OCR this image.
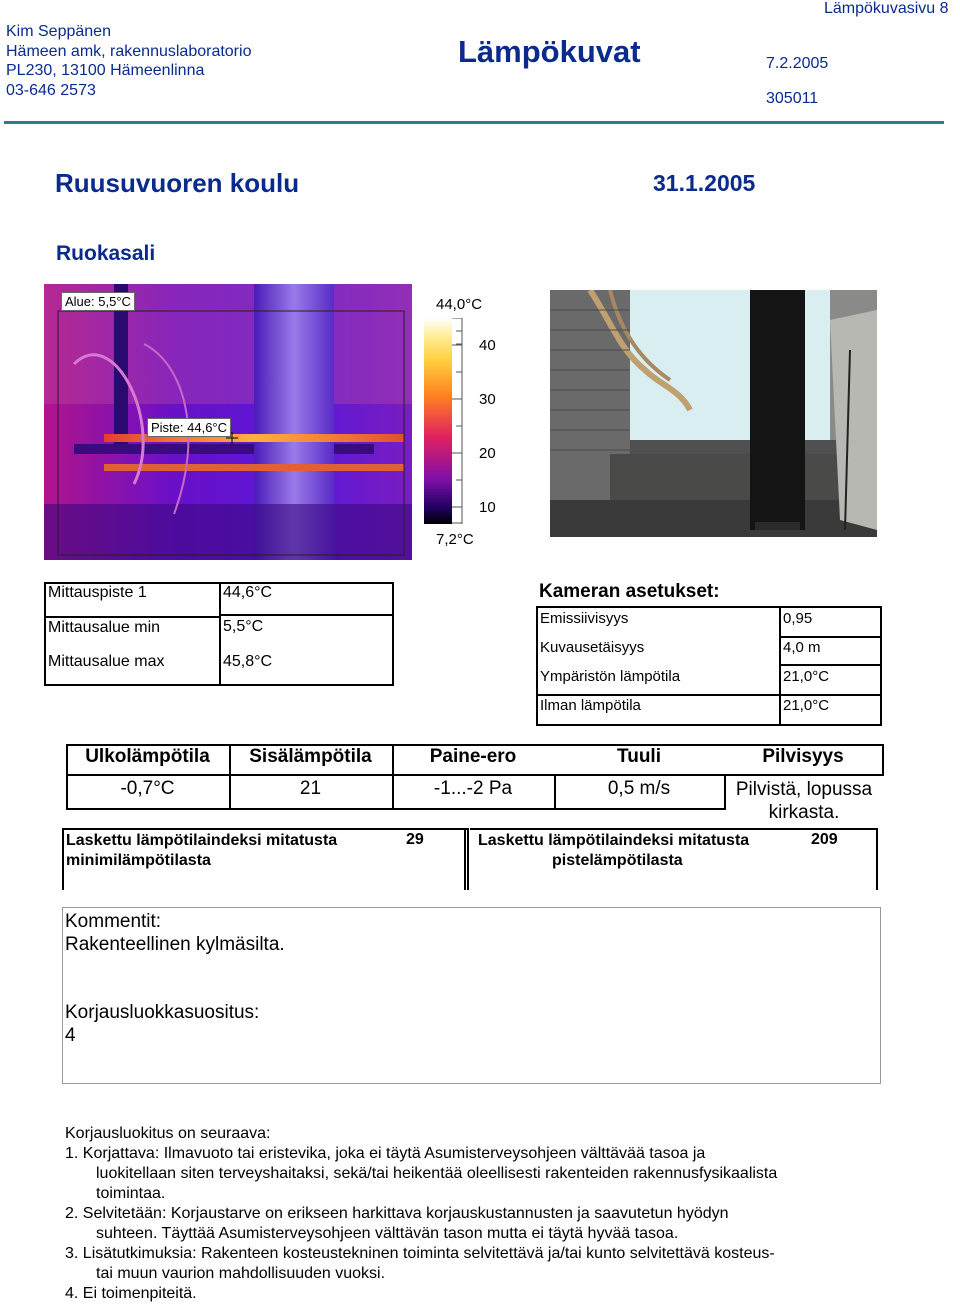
Kim Seppänen
Hämeen amk, rakennuslaboratorio
PL230, 13100 Hämeenlinna
03-646 2573
Lämpökuvat	7.2.2005
305011
Lämpökuvasivu 8
Ruusuvuoren koulu	31.1.2005
Ruokasali
Alue: 5,5°C
Piste: 44,6°C
44,0°C
7,2°C
40
30
20
10
Mittauspiste 1	44,6°C
Mittausalue min	5,5°C
Mittausalue max	45,8°C
Kameran asetukset:
Emissiivisyys	0,95
Kuvausetäisyys	4,0 m
Ympäristön lämpötila	21,0°C
Ilman lämpötila	21,0°C
Ulkolämpötila	Sisälämpötila	Paine-ero	Tuuli	Pilvisyys
-0,7°C	21	-1...-2 Pa	0,5 m/s	Pilvistä, lopussa kirkasta.
Laskettu lämpötilaindeksi mitatusta
minimilämpötilasta
29	Laskettu lämpötilaindeksi mitatusta
pistelämpötilasta
209
Kommentit:
Rakenteellinen kylmäsilta.
Korjausluokkasuositus:
4
Korjausluokitus on seuraava:
1. Korjattava: Ilmavuoto tai eristevika, joka ei täytä Asumisterveysohjeen välttävää tasoa ja
luokitellaan siten terveyshaitaksi, sekä/tai heikentää oleellisesti rakenteiden rakennusfysikaalista
toimintaa.
2. Selvitetään: Korjaustarve on erikseen harkittava korjauskustannusten ja saavutetun hyödyn
suhteen. Täyttää Asumisterveysohjeen välttävän tason mutta ei täytä hyvää tasoa.
3. Lisätutkimuksia: Rakenteen kosteustekninen toiminta selvitettävä ja/tai kunto selvitettävä kosteus-
tai muun vaurion mahdollisuuden vuoksi.
4. Ei toimenpiteitä.
